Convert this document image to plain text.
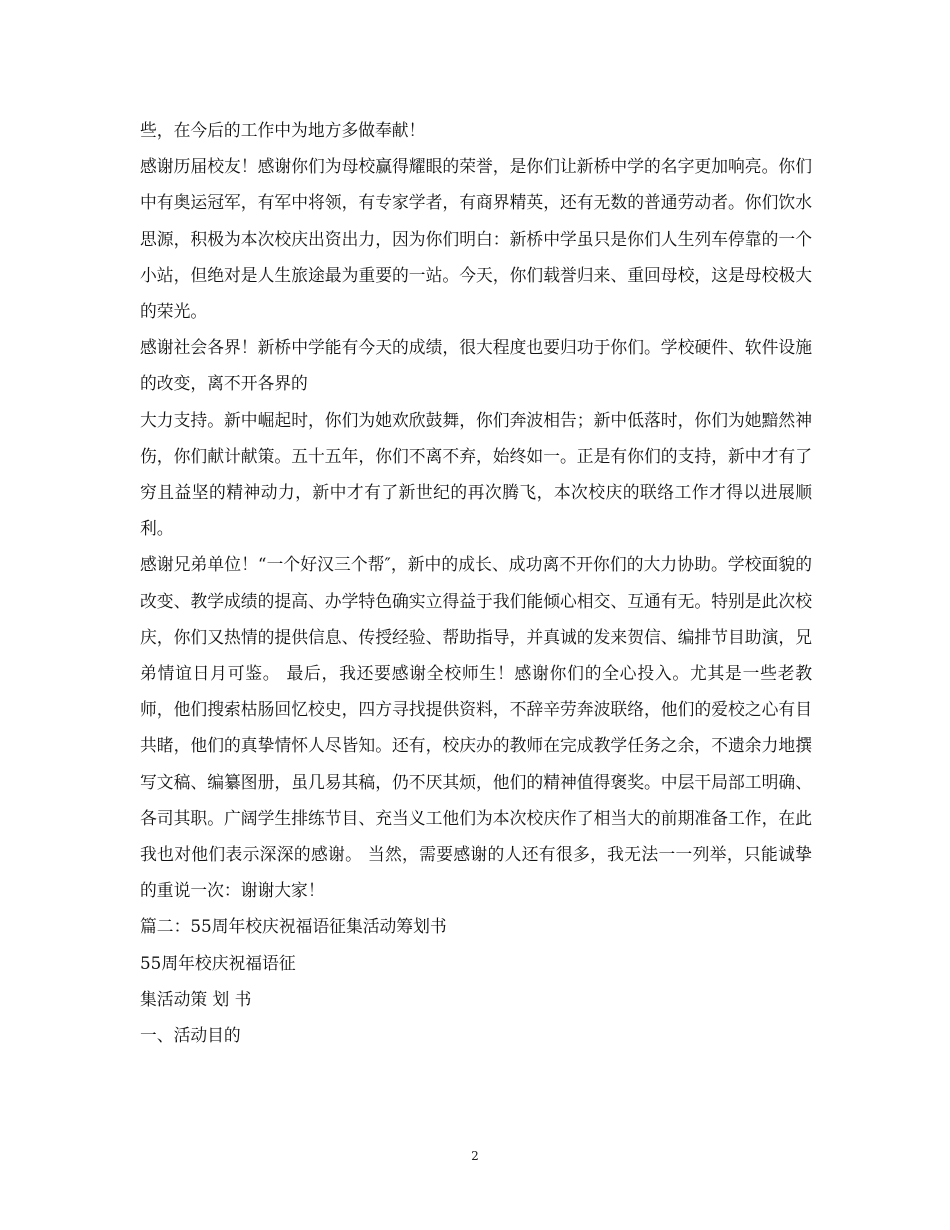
些，在今后的工作中为地方多做奉献！

感谢历届校友！感谢你们为母校赢得耀眼的荣誉，是你们让新桥中学的名字更加响亮。你们中有奥运冠军，有军中将领，有专家学者，有商界精英，还有无数的普通劳动者。你们饮水思源，积极为本次校庆出资出力，因为你们明白：新桥中学虽只是你们人生列车停靠的一个小站，但绝对是人生旅途最为重要的一站。今天，你们载誉归来、重回母校，这是母校极大的荣光。

感谢社会各界！新桥中学能有今天的成绩，很大程度也要归功于你们。学校硬件、软件设施的改变，离不开各界的

大力支持。新中崛起时，你们为她欢欣鼓舞，你们奔波相告；新中低落时，你们为她黯然神伤，你们献计献策。五十五年，你们不离不弃，始终如一。正是有你们的支持，新中才有了穷且益坚的精神动力，新中才有了新世纪的再次腾飞，本次校庆的联络工作才得以进展顺利。

感谢兄弟单位！“一个好汉三个帮″，新中的成长、成功离不开你们的大力协助。学校面貌的改变、教学成绩的提高、办学特色确实立得益于我们能倾心相交、互通有无。特别是此次校庆，你们又热情的提供信息、传授经验、帮助指导，并真诚的发来贺信、编排节目助演，兄弟情谊日月可鉴。 最后，我还要感谢全校师生！感谢你们的全心投入。尤其是一些老教师，他们搜索枯肠回忆校史，四方寻找提供资料，不辞辛劳奔波联络，他们的爱校之心有目共睹，他们的真挚情怀人尽皆知。还有，校庆办的教师在完成教学任务之余，不遗余力地撰写文稿、编纂图册，虽几易其稿，仍不厌其烦，他们的精神值得褒奖。中层干局部工明确、各司其职。广阔学生排练节目、充当义工他们为本次校庆作了相当大的前期准备工作，在此我也对他们表示深深的感谢。 当然，需要感谢的人还有很多，我无法一一列举，只能诚挚的重说一次：谢谢大家！

篇二：55周年校庆祝福语征集活动筹划书

55周年校庆祝福语征

集活动策 划 书

一、活动目的

2
